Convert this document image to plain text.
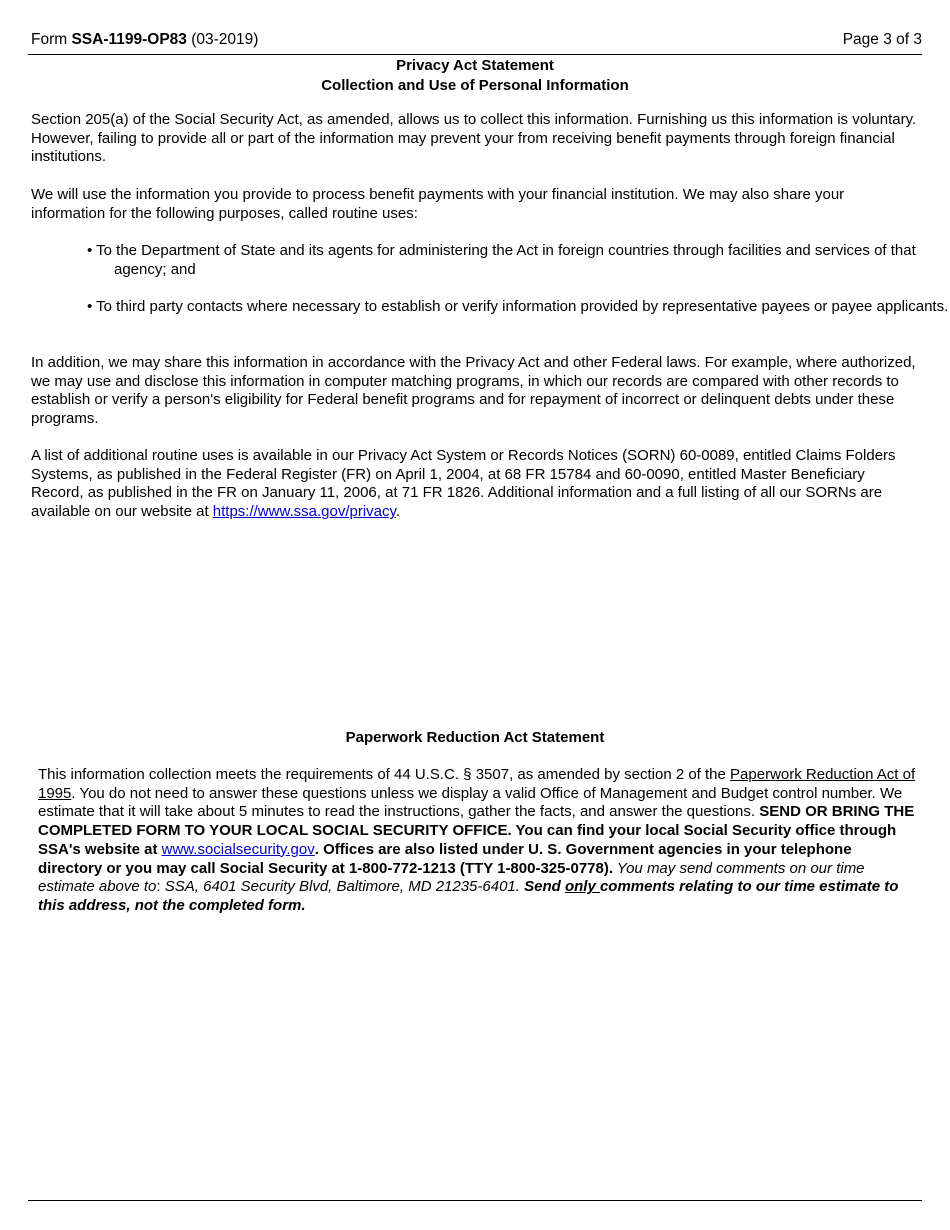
Form SSA-1199-OP83 (03-2019)	Page 3 of 3
Privacy Act Statement
Collection and Use of Personal Information

Section 205(a) of the Social Security Act, as amended, allows us to collect this information. Furnishing us this information is voluntary. However, failing to provide all or part of the information may prevent your from receiving benefit payments through foreign financial institutions.

We will use the information you provide to process benefit payments with your financial institution. We may also share your information for the following purposes, called routine uses:

• To the Department of State and its agents for administering the Act in foreign countries through facilities and services of that agency; and

• To third party contacts where necessary to establish or verify information provided by representative payees or payee applicants.

In addition, we may share this information in accordance with the Privacy Act and other Federal laws. For example, where authorized, we may use and disclose this information in computer matching programs, in which our records are compared with other records to establish or verify a person's eligibility for Federal benefit programs and for repayment of incorrect or delinquent debts under these programs.

A list of additional routine uses is available in our Privacy Act System or Records Notices (SORN) 60-0089, entitled Claims Folders Systems, as published in the Federal Register (FR) on April 1, 2004, at 68 FR 15784 and 60-0090, entitled Master Beneficiary Record, as published in the FR on January 11, 2006, at 71 FR 1826. Additional information and a full listing of all our SORNs are available on our website at https://www.ssa.gov/privacy.

Paperwork Reduction Act Statement

This information collection meets the requirements of 44 U.S.C. § 3507, as amended by section 2 of the Paperwork Reduction Act of 1995. You do not need to answer these questions unless we display a valid Office of Management and Budget control number. We estimate that it will take about 5 minutes to read the instructions, gather the facts, and answer the questions. SEND OR BRING THE COMPLETED FORM TO YOUR LOCAL SOCIAL SECURITY OFFICE. You can find your local Social Security office through SSA's website at www.socialsecurity.gov. Offices are also listed under U. S. Government agencies in your telephone directory or you may call Social Security at 1-800-772-1213 (TTY 1-800-325-0778). You may send comments on our time estimate above to: SSA, 6401 Security Blvd, Baltimore, MD 21235-6401. Send only comments relating to our time estimate to this address, not the completed form.
